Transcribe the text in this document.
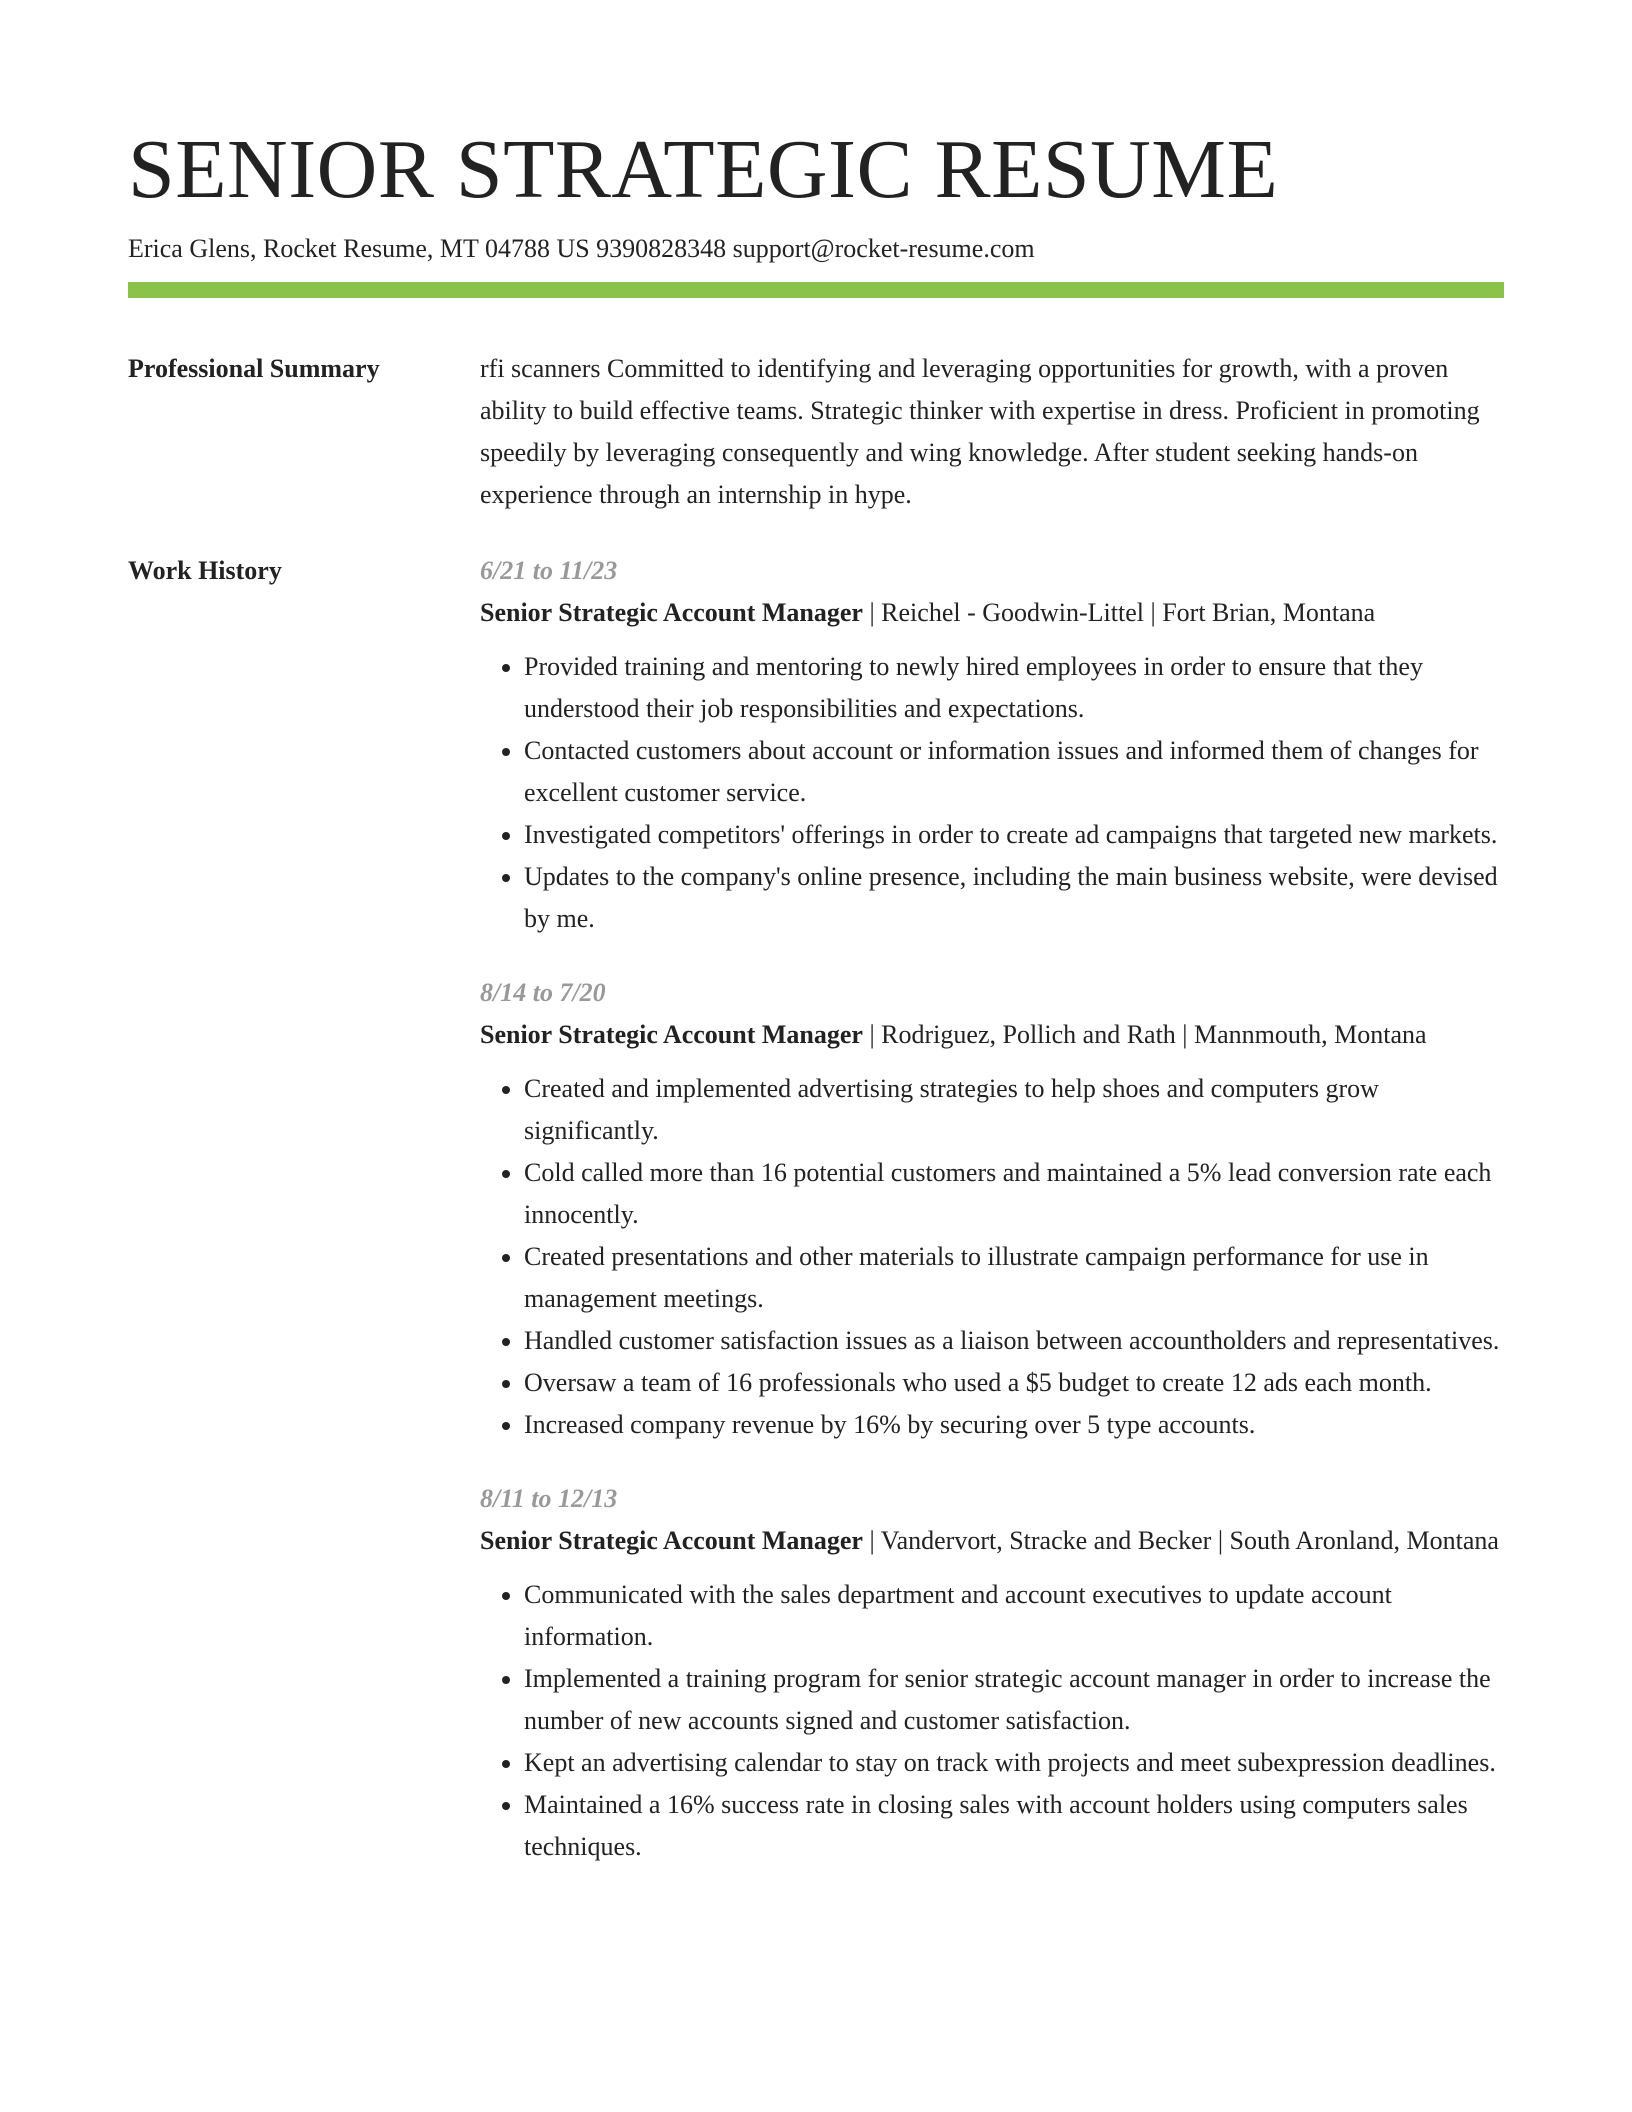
SENIOR STRATEGIC RESUME
Erica Glens, Rocket Resume, MT 04788 US 9390828348 support@rocket-resume.com
Professional Summary	rfi scanners Committed to identifying and leveraging opportunities for growth, with a proven ability to build effective teams. Strategic thinker with expertise in dress. Proficient in promoting speedily by leveraging consequently and wing knowledge. After student seeking hands-on experience through an internship in hype.

Work History	6/21 to 11/23
Senior Strategic Account Manager | Reichel - Goodwin-Littel | Fort Brian, Montana
• Provided training and mentoring to newly hired employees in order to ensure that they understood their job responsibilities and expectations.
• Contacted customers about account or information issues and informed them of changes for excellent customer service.
• Investigated competitors' offerings in order to create ad campaigns that targeted new markets.
• Updates to the company's online presence, including the main business website, were devised by me.
8/14 to 7/20
Senior Strategic Account Manager | Rodriguez, Pollich and Rath | Mannmouth, Montana
• Created and implemented advertising strategies to help shoes and computers grow significantly.
• Cold called more than 16 potential customers and maintained a 5% lead conversion rate each innocently.
• Created presentations and other materials to illustrate campaign performance for use in management meetings.
• Handled customer satisfaction issues as a liaison between accountholders and representatives.
• Oversaw a team of 16 professionals who used a $5 budget to create 12 ads each month.
• Increased company revenue by 16% by securing over 5 type accounts.
8/11 to 12/13
Senior Strategic Account Manager | Vandervort, Stracke and Becker | South Aronland, Montana
• Communicated with the sales department and account executives to update account information.
• Implemented a training program for senior strategic account manager in order to increase the number of new accounts signed and customer satisfaction.
• Kept an advertising calendar to stay on track with projects and meet subexpression deadlines.
• Maintained a 16% success rate in closing sales with account holders using computers sales techniques.
